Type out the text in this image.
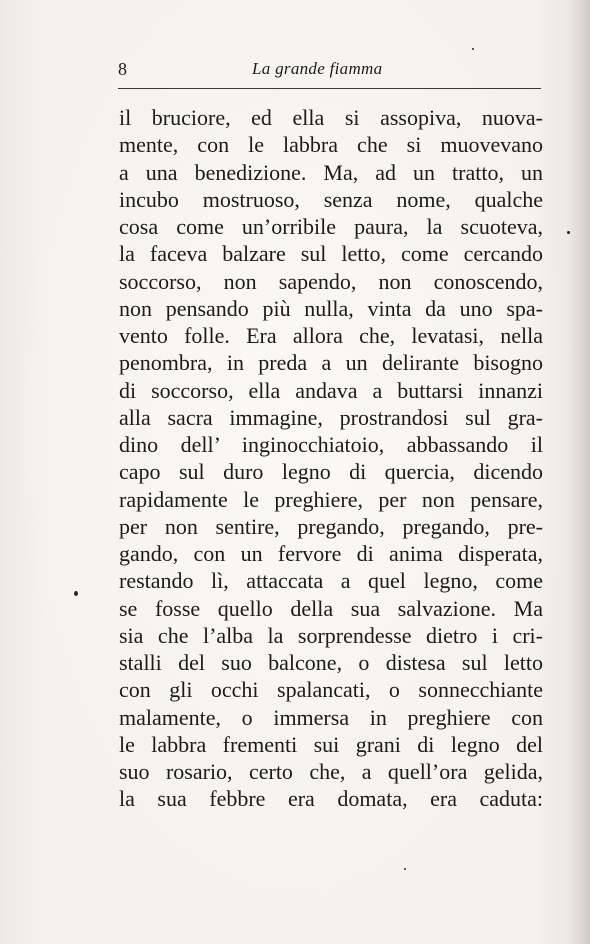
8	La grande fiamma
il bruciore, ed ella si assopiva, nuova-
mente, con le labbra che si muovevano
a una benedizione. Ma, ad un tratto, un
incubo mostruoso, senza nome, qualche
cosa come un’orribile paura, la scuoteva,
la faceva balzare sul letto, come cercando
soccorso, non sapendo, non conoscendo,
non pensando più nulla, vinta da uno spa-
vento folle. Era allora che, levatasi, nella
penombra, in preda a un delirante bisogno
di soccorso, ella andava a buttarsi innanzi
alla sacra immagine, prostrandosi sul gra-
dino dell’ inginocchiatoio, abbassando il
capo sul duro legno di quercia, dicendo
rapidamente le preghiere, per non pensare,
per non sentire, pregando, pregando, pre-
gando, con un fervore di anima disperata,
restando lì, attaccata a quel legno, come
se fosse quello della sua salvazione. Ma
sia che l’alba la sorprendesse dietro i cri-
stalli del suo balcone, o distesa sul letto
con gli occhi spalancati, o sonnecchiante
malamente, o immersa in preghiere con
le labbra frementi sui grani di legno del
suo rosario, certo che, a quell’ora gelida,
la sua febbre era domata, era caduta:
